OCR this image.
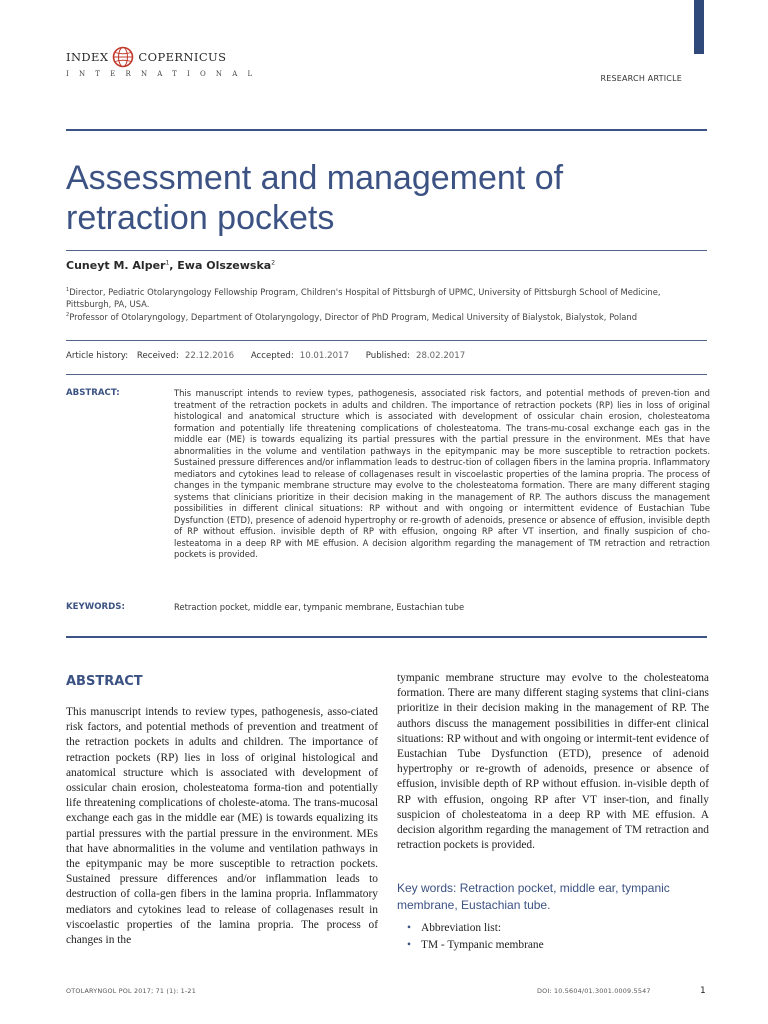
INDEX	COPERNICUS
INTERNATIONAL	RESEARCH ARTICLE
Assessment and management of retraction pockets
Cuneyt M. Alper$^1$, Ewa Olszewska$^2$
$^1$Director, Pediatric Otolaryngology Fellowship Program, Children's Hospital of Pittsburgh of UPMC, University of Pittsburgh School of Medicine, Pittsburgh, PA, USA.
$^2$Professor of Otolaryngology, Department of Otolaryngology, Director of PhD Program, Medical University of Bialystok, Bialystok, Poland
Article history: Received: 22.12.2016 Accepted: 10.01.2017 Published: 28.02.2017
ABSTRACT:	This manuscript intends to review types, pathogenesis, associated risk factors, and potential methods of preven-tion and treatment of the retraction pockets in adults and children. The importance of retraction pockets (RP) lies in loss of original histological and anatomical structure which is associated with development of ossicular chain erosion, cholesteatoma formation and potentially life threatening complications of cholesteatoma. The trans-mu-cosal exchange each gas in the middle ear (ME) is towards equalizing its partial pressures with the partial pressure in the environment. MEs that have abnormalities in the volume and ventilation pathways in the epitympanic may be more susceptible to retraction pockets. Sustained pressure differences and/or inflammation leads to destruc-tion of collagen fibers in the lamina propria. Inflammatory mediators and cytokines lead to release of collagenases result in viscoelastic properties of the lamina propria. The process of changes in the tympanic membrane structure may evolve to the cholesteatoma formation. There are many different staging systems that clinicians prioritize in their decision making in the management of RP. The authors discuss the management possibilities in different clinical situations: RP without and with ongoing or intermittent evidence of Eustachian Tube Dysfunction (ETD), presence of adenoid hypertrophy or re-growth of adenoids, presence or absence of effusion, invisible depth of RP without effusion. invisible depth of RP with effusion, ongoing RP after VT insertion, and finally suspicion of cho-lesteatoma in a deep RP with ME effusion. A decision algorithm regarding the management of TM retraction and retraction pockets is provided.

KEYWORDS:	Retraction pocket, middle ear, tympanic membrane, Eustachian tube
ABSTRACT
This manuscript intends to review types, pathogenesis, asso-ciated risk factors, and potential methods of prevention and treatment of the retraction pockets in adults and children. The importance of retraction pockets (RP) lies in loss of original histological and anatomical structure which is associated with development of ossicular chain erosion, cholesteatoma forma-tion and potentially life threatening complications of choleste-atoma. The trans-mucosal exchange each gas in the middle ear (ME) is towards equalizing its partial pressures with the partial pressure in the environment. MEs that have abnormalities in the volume and ventilation pathways in the epitympanic may be more susceptible to retraction pockets. Sustained pressure differences and/or inflammation leads to destruction of colla-gen fibers in the lamina propria. Inflammatory mediators and cytokines lead to release of collagenases result in viscoelastic properties of the lamina propria. The process of changes in the
tympanic membrane structure may evolve to the cholesteatoma formation. There are many different staging systems that clini-cians prioritize in their decision making in the management of RP. The authors discuss the management possibilities in differ-ent clinical situations: RP without and with ongoing or intermit-tent evidence of Eustachian Tube Dysfunction (ETD), presence of adenoid hypertrophy or re-growth of adenoids, presence or absence of effusion, invisible depth of RP without effusion. in-visible depth of RP with effusion, ongoing RP after VT inser-tion, and finally suspicion of cholesteatoma in a deep RP with ME effusion. A decision algorithm regarding the management of TM retraction and retraction pockets is provided.

Key words: Retraction pocket, middle ear, tympanic membrane, Eustachian tube.

• Abbreviation list:
• TM - Tympanic membrane
OTOLARYNGOL POL 2017; 71 (1): 1-21	DOI: 10.5604/01.3001.0009.5547	1
